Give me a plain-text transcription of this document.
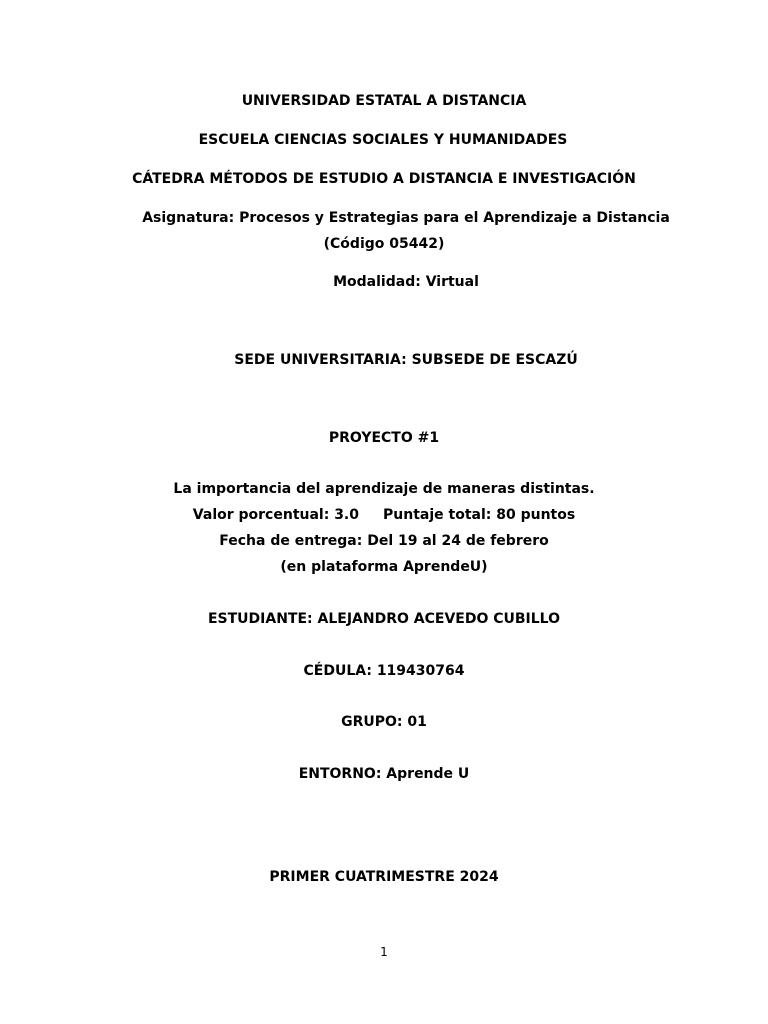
UNIVERSIDAD ESTATAL A DISTANCIA
ESCUELA CIENCIAS SOCIALES Y HUMANIDADES
CÁTEDRA MÉTODOS DE ESTUDIO A DISTANCIA E INVESTIGACIÓN
Asignatura: Procesos y Estrategias para el Aprendizaje a Distancia
(Código 05442)
Modalidad: Virtual
SEDE UNIVERSITARIA: SUBSEDE DE ESCAZÚ
PROYECTO #1
La importancia del aprendizaje de maneras distintas.
Valor porcentual: 3.0 Puntaje total: 80 puntos
Fecha de entrega: Del 19 al 24 de febrero
(en plataforma AprendeU)
ESTUDIANTE: ALEJANDRO ACEVEDO CUBILLO
CÉDULA: 119430764
GRUPO: 01
ENTORNO: Aprende U
PRIMER CUATRIMESTRE 2024
1
